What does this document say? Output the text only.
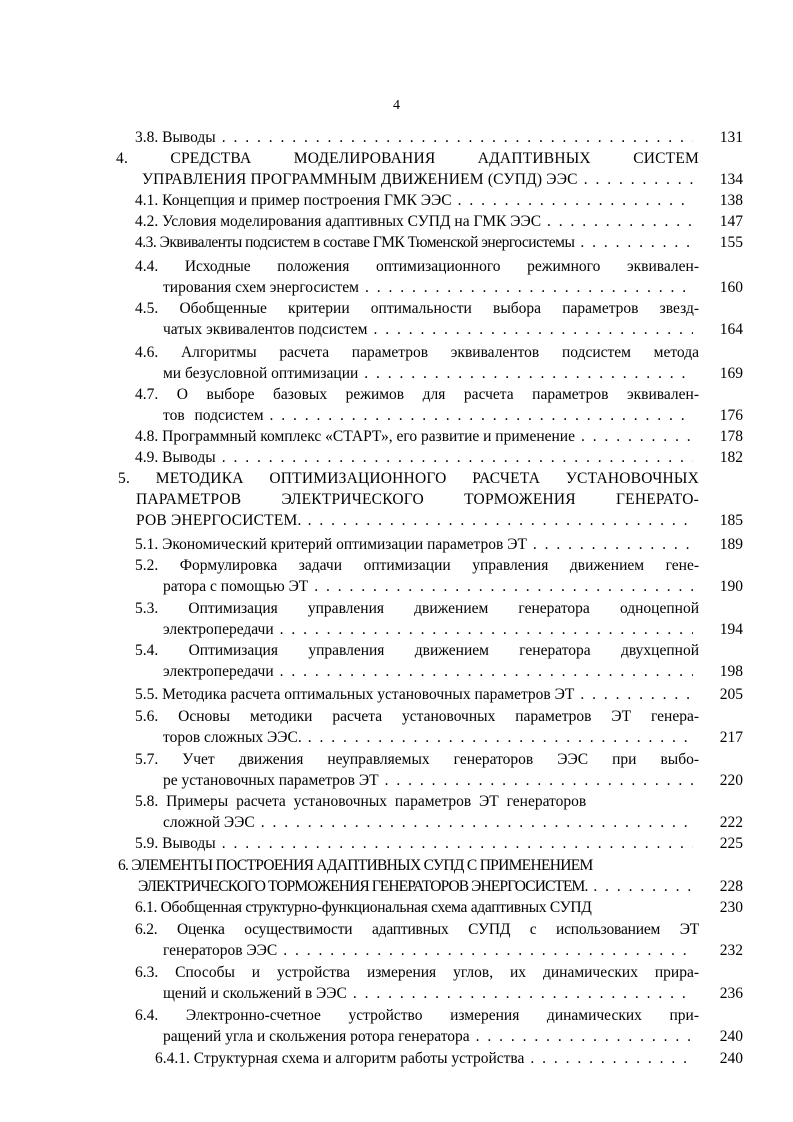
4
3.8. Выводы . . .	131
4. СРЕДСТВА МОДЕЛИРОВАНИЯ АДАПТИВНЫХ СИСТЕМ
УПРАВЛЕНИЯ ПРОГРАММНЫМ ДВИЖЕНИЕМ (СУПД) ЭЭС . . .	134
4.1. Концепция и пример построения ГМК ЭЭС . . .	138
4.2. Условия моделирования адаптивных СУПД на ГМК ЭЭС . . .	147
4.3. Эквиваленты подсистем в составе ГМК Тюменской энергосистемы . . .	155
4.4. Исходные положения оптимизационного режимного эквивален-
тирования схем энергосистем . . .	160
4.5. Обобщенные критерии оптимальности выбора параметров звезд-
чатых эквивалентов подсистем . . .	164
4.6. Алгоритмы расчета параметров эквивалентов подсистем метода
ми безусловной оптимизации . . .	169
4.7. О выборе базовых режимов для расчета параметров эквивален-
тов подсистем . . .	176
4.8. Программный комплекс «СТАРТ», его развитие и применение . . .	178
4.9. Выводы . . .	182
5. МЕТОДИКА ОПТИМИЗАЦИОННОГО РАСЧЕТА УСТАНОВОЧНЫХ
ПАРАМЕТРОВ ЭЛЕКТРИЧЕСКОГО ТОРМОЖЕНИЯ ГЕНЕРАТО-
РОВ ЭНЕРГОСИСТЕМ. . . .	185
5.1. Экономический критерий оптимизации параметров ЭТ . . .	189
5.2. Формулировка задачи оптимизации управления движением гене-
ратора с помощью ЭТ . . .	190
5.3. Оптимизация управления движением генератора одноцепной
электропередачи . . .	194
5.4. Оптимизация управления движением генератора двухцепной
электропередачи . . .	198
5.5. Методика расчета оптимальных установочных параметров ЭТ . . .	205
5.6. Основы методики расчета установочных параметров ЭТ генера-
торов сложных ЭЭС. . . .	217
5.7. Учет движения неуправляемых генераторов ЭЭС при выбо-
ре установочных параметров ЭТ . . .	220
5.8. Примеры расчета установочных параметров ЭТ генераторов
сложной ЭЭС . . .	222
5.9. Выводы . . .	225
6. ЭЛЕМЕНТЫ ПОСТРОЕНИЯ АДАПТИВНЫХ СУПД С ПРИМЕНЕНИЕМ
ЭЛЕКТРИЧЕСКОГО ТОРМОЖЕНИЯ ГЕНЕРАТОРОВ ЭНЕРГОСИСТЕМ. . . .	228
6.1. Обобщенная структурно-функциональная схема адаптивных СУПД	230
6.2. Оценка осуществимости адаптивных СУПД с использованием ЭТ
генераторов ЭЭС . . .	232
6.3. Способы и устройства измерения углов, их динамических прира-
щений и скольжений в ЭЭС . . .	236
6.4. Электронно-счетное устройство измерения динамических при-
ращений угла и скольжения ротора генератора . . .	240
6.4.1. Структурная схема и алгоритм работы устройства . . .	240
